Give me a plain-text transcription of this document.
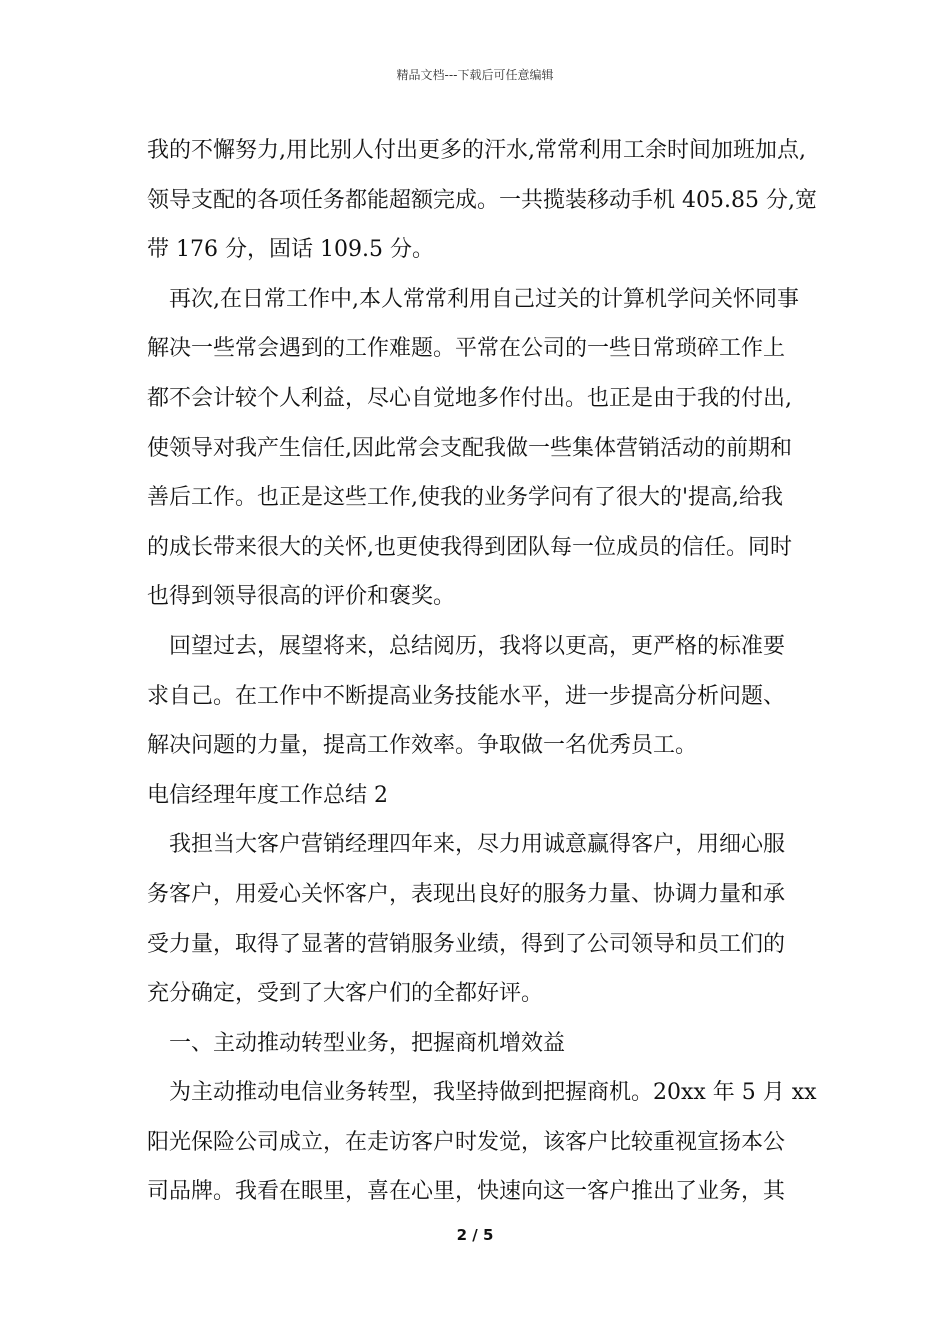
精品文档---下载后可任意编辑
我的不懈努力,用比别人付出更多的汗水,常常利用工余时间加班加点,
领导支配的各项任务都能超额完成。一共揽装移动手机 405.85 分,宽
带 176 分，固话 109.5 分。
再次,在日常工作中,本人常常利用自己过关的计算机学问关怀同事
解决一些常会遇到的工作难题。平常在公司的一些日常琐碎工作上
都不会计较个人利益，尽心自觉地多作付出。也正是由于我的付出,
使领导对我产生信任,因此常会支配我做一些集体营销活动的前期和
善后工作。也正是这些工作,使我的业务学问有了很大的'提高,给我
的成长带来很大的关怀,也更使我得到团队每一位成员的信任。同时
也得到领导很高的评价和褒奖。
回望过去，展望将来，总结阅历，我将以更高，更严格的标准要
求自己。在工作中不断提高业务技能水平，进一步提高分析问题、
解决问题的力量，提高工作效率。争取做一名优秀员工。
电信经理年度工作总结 2
我担当大客户营销经理四年来，尽力用诚意赢得客户，用细心服
务客户，用爱心关怀客户，表现出良好的服务力量、协调力量和承
受力量，取得了显著的营销服务业绩，得到了公司领导和员工们的
充分确定，受到了大客户们的全都好评。
一、主动推动转型业务，把握商机增效益
为主动推动电信业务转型，我坚持做到把握商机。20xx 年 5 月 xx
阳光保险公司成立，在走访客户时发觉，该客户比较重视宣扬本公
司品牌。我看在眼里，喜在心里，快速向这一客户推出了业务，其
2 / 5
